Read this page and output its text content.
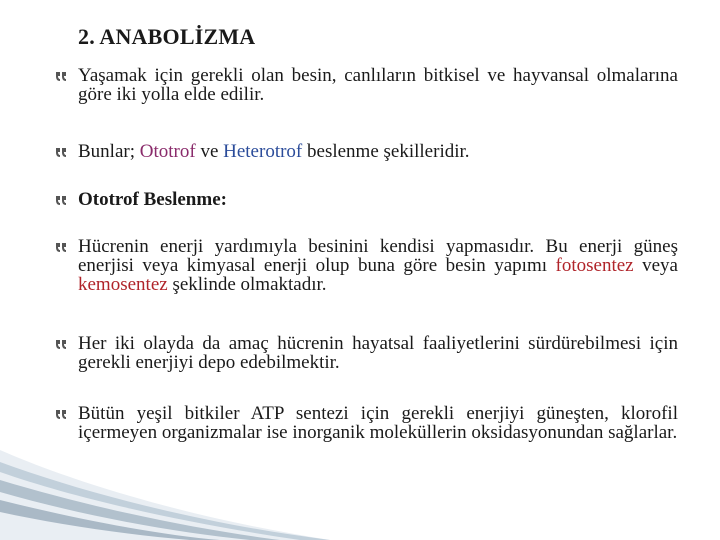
2. ANABOLİZMA
Yaşamak için gerekli olan besin, canlıların bitkisel ve hayvansal olmalarına göre iki yolla elde edilir.
Bunlar; Ototrof ve Heterotrof beslenme şekilleridir.
Ototrof Beslenme:
Hücrenin enerji yardımıyla besinini kendisi yapmasıdır. Bu enerji güneş enerjisi veya kimyasal enerji olup buna göre besin yapımı fotosentez veya kemosentez şeklinde olmaktadır.
Her iki olayda da amaç hücrenin hayatsal faaliyetlerini sürdürebilmesi için gerekli enerjiyi depo edebilmektir.
Bütün yeşil bitkiler ATP sentezi için gerekli enerjiyi güneşten, klorofil içermeyen organizmalar ise inorganik moleküllerin oksidasyonundan sağlarlar.
